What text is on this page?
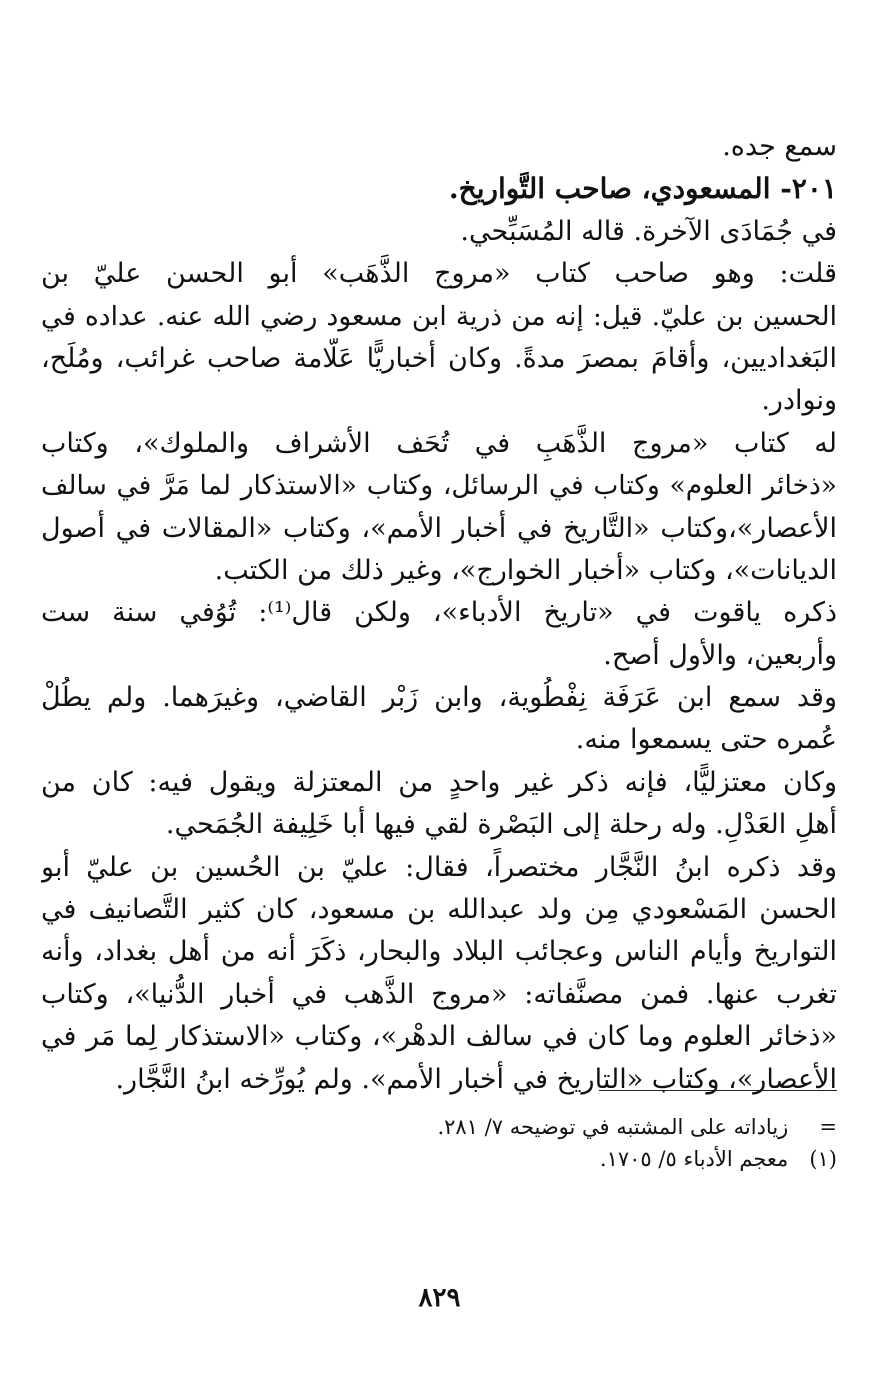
سمع جده.
٢٠١- المسعودي، صاحب التَّواريخ.
في جُمَادَى الآخرة. قاله المُسَبِّحي.
قلت: وهو صاحب كتاب «مروج الذَّهَب» أبو الحسن عليّ بن
الحسين بن عليّ. قيل: إنه من ذرية ابن مسعود رضي الله عنه. عداده في
البَغداديين، وأقامَ بمصرَ مدةً. وكان أخباريًّا عَلَّامة صاحب غرائب، ومُلَح،
ونوادر.
له كتاب «مروج الذَّهَبِ في تُحَف الأشراف والملوك»، وكتاب
«ذخائر العلوم» وكتاب في الرسائل، وكتاب «الاستذكار لما مَرَّ في سالف
الأعصار»،وكتاب «التَّاريخ في أخبار الأمم»، وكتاب «المقالات في أصول
الديانات»، وكتاب «أخبار الخوارج»، وغير ذلك من الكتب.
ذكره ياقوت في «تاريخ الأدباء»، ولكن قال⁽¹⁾: تُوُفي سنة ست
وأربعين، والأول أصح.
وقد سمع ابن عَرَفَة نِفْطُوية، وابن زَبْر القاضي، وغيرَهما. ولم يطُلْ
عُمره حتى يسمعوا منه.
وكان معتزليًّا، فإنه ذكر غير واحدٍ من المعتزلة ويقول فيه: كان من
أهلِ العَدْلِ. وله رحلة إلى البَصْرة لقي فيها أبا خَلِيفة الجُمَحي.
وقد ذكره ابنُ النَّجَّار مختصراً، فقال: عليّ بن الحُسين بن عليّ أبو
الحسن المَسْعودي مِن ولد عبدالله بن مسعود، كان كثير التَّصانيف في
التواريخ وأيام الناس وعجائب البلاد والبحار، ذكَرَ أنه من أهل بغداد، وأنه
تغرب عنها. فمن مصنَّفاته: «مروج الذَّهب في أخبار الدُّنيا»، وكتاب
«ذخائر العلوم وما كان في سالف الدهْر»، وكتاب «الاستذكار لِما مَر في
الأعصار»، وكتاب «التاريخ في أخبار الأمم». ولم يُورِّخه ابنُ النَّجَّار.
= زياداته على المشتبه في توضيحه ٧/ ٢٨١.
(١) معجم الأدباء ٥/ ١٧٠٥.
٨٢٩
